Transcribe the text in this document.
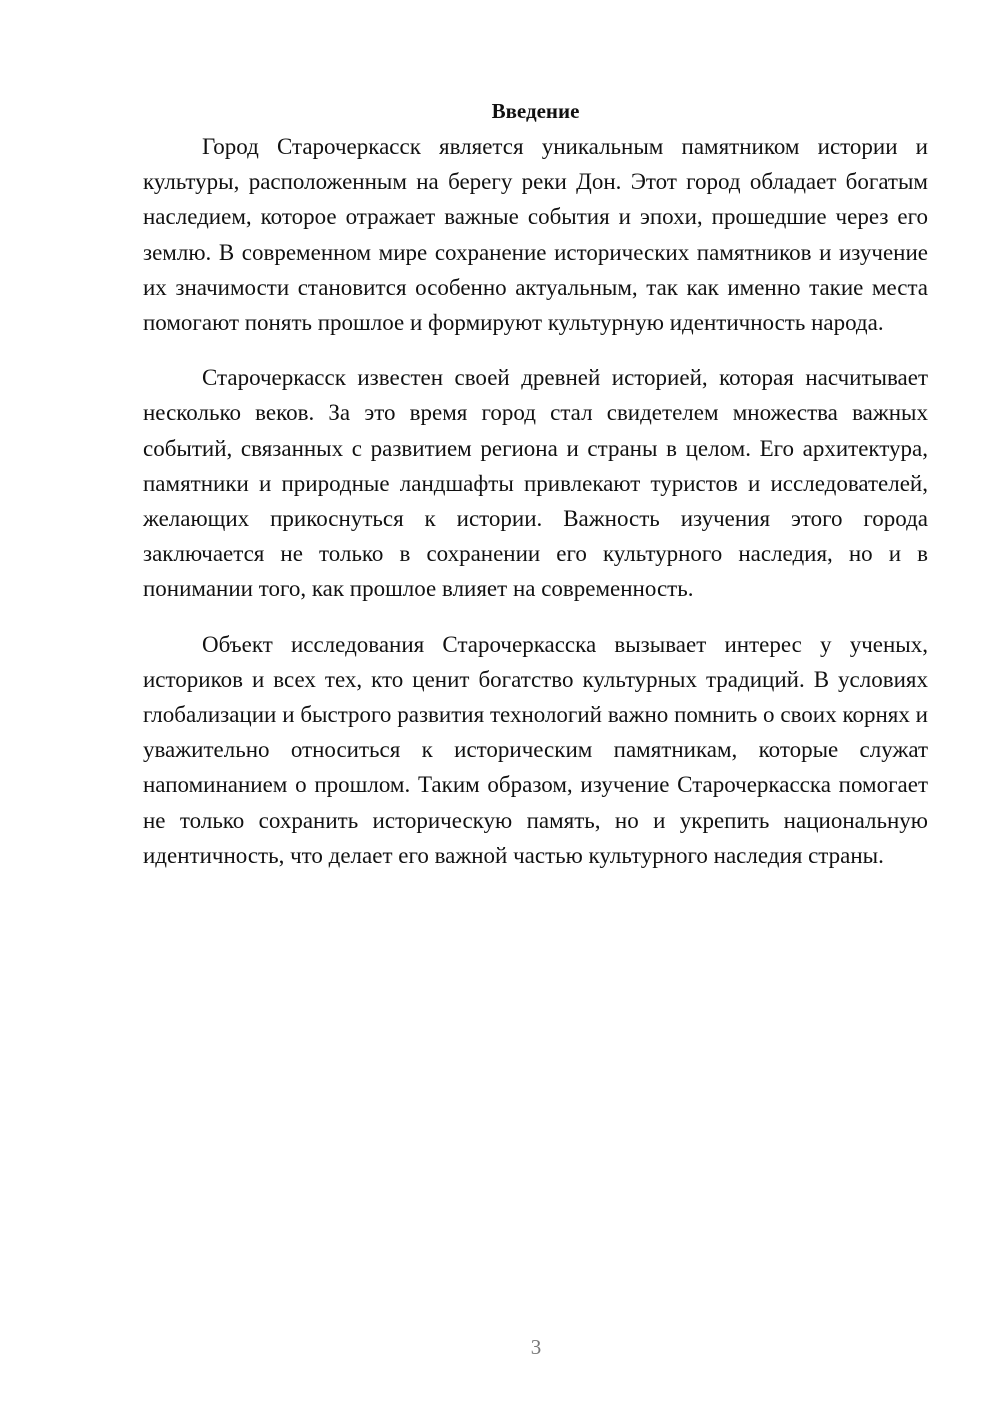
Введение

Город Старочеркасск является уникальным памятником истории и культуры, расположенным на берегу реки Дон. Этот город обладает богатым наследием, которое отражает важные события и эпохи, прошедшие через его землю. В современном мире сохранение исторических памятников и изучение их значимости становится особенно актуальным, так как именно такие места помогают понять прошлое и формируют культурную идентичность народа.

Старочеркасск известен своей древней историей, которая насчитывает несколько веков. За это время город стал свидетелем множества важных событий, связанных с развитием региона и страны в целом. Его архитектура, памятники и природные ландшафты привлекают туристов и исследователей, желающих прикоснуться к истории. Важность изучения этого города заключается не только в сохранении его культурного наследия, но и в понимании того, как прошлое влияет на современность.

Объект исследования Старочеркасска вызывает интерес у ученых, историков и всех тех, кто ценит богатство культурных традиций. В условиях глобализации и быстрого развития технологий важно помнить о своих корнях и уважительно относиться к историческим памятникам, которые служат напоминанием о прошлом. Таким образом, изучение Старочеркасска помогает не только сохранить историческую память, но и укрепить национальную идентичность, что делает его важной частью культурного наследия страны.

3
